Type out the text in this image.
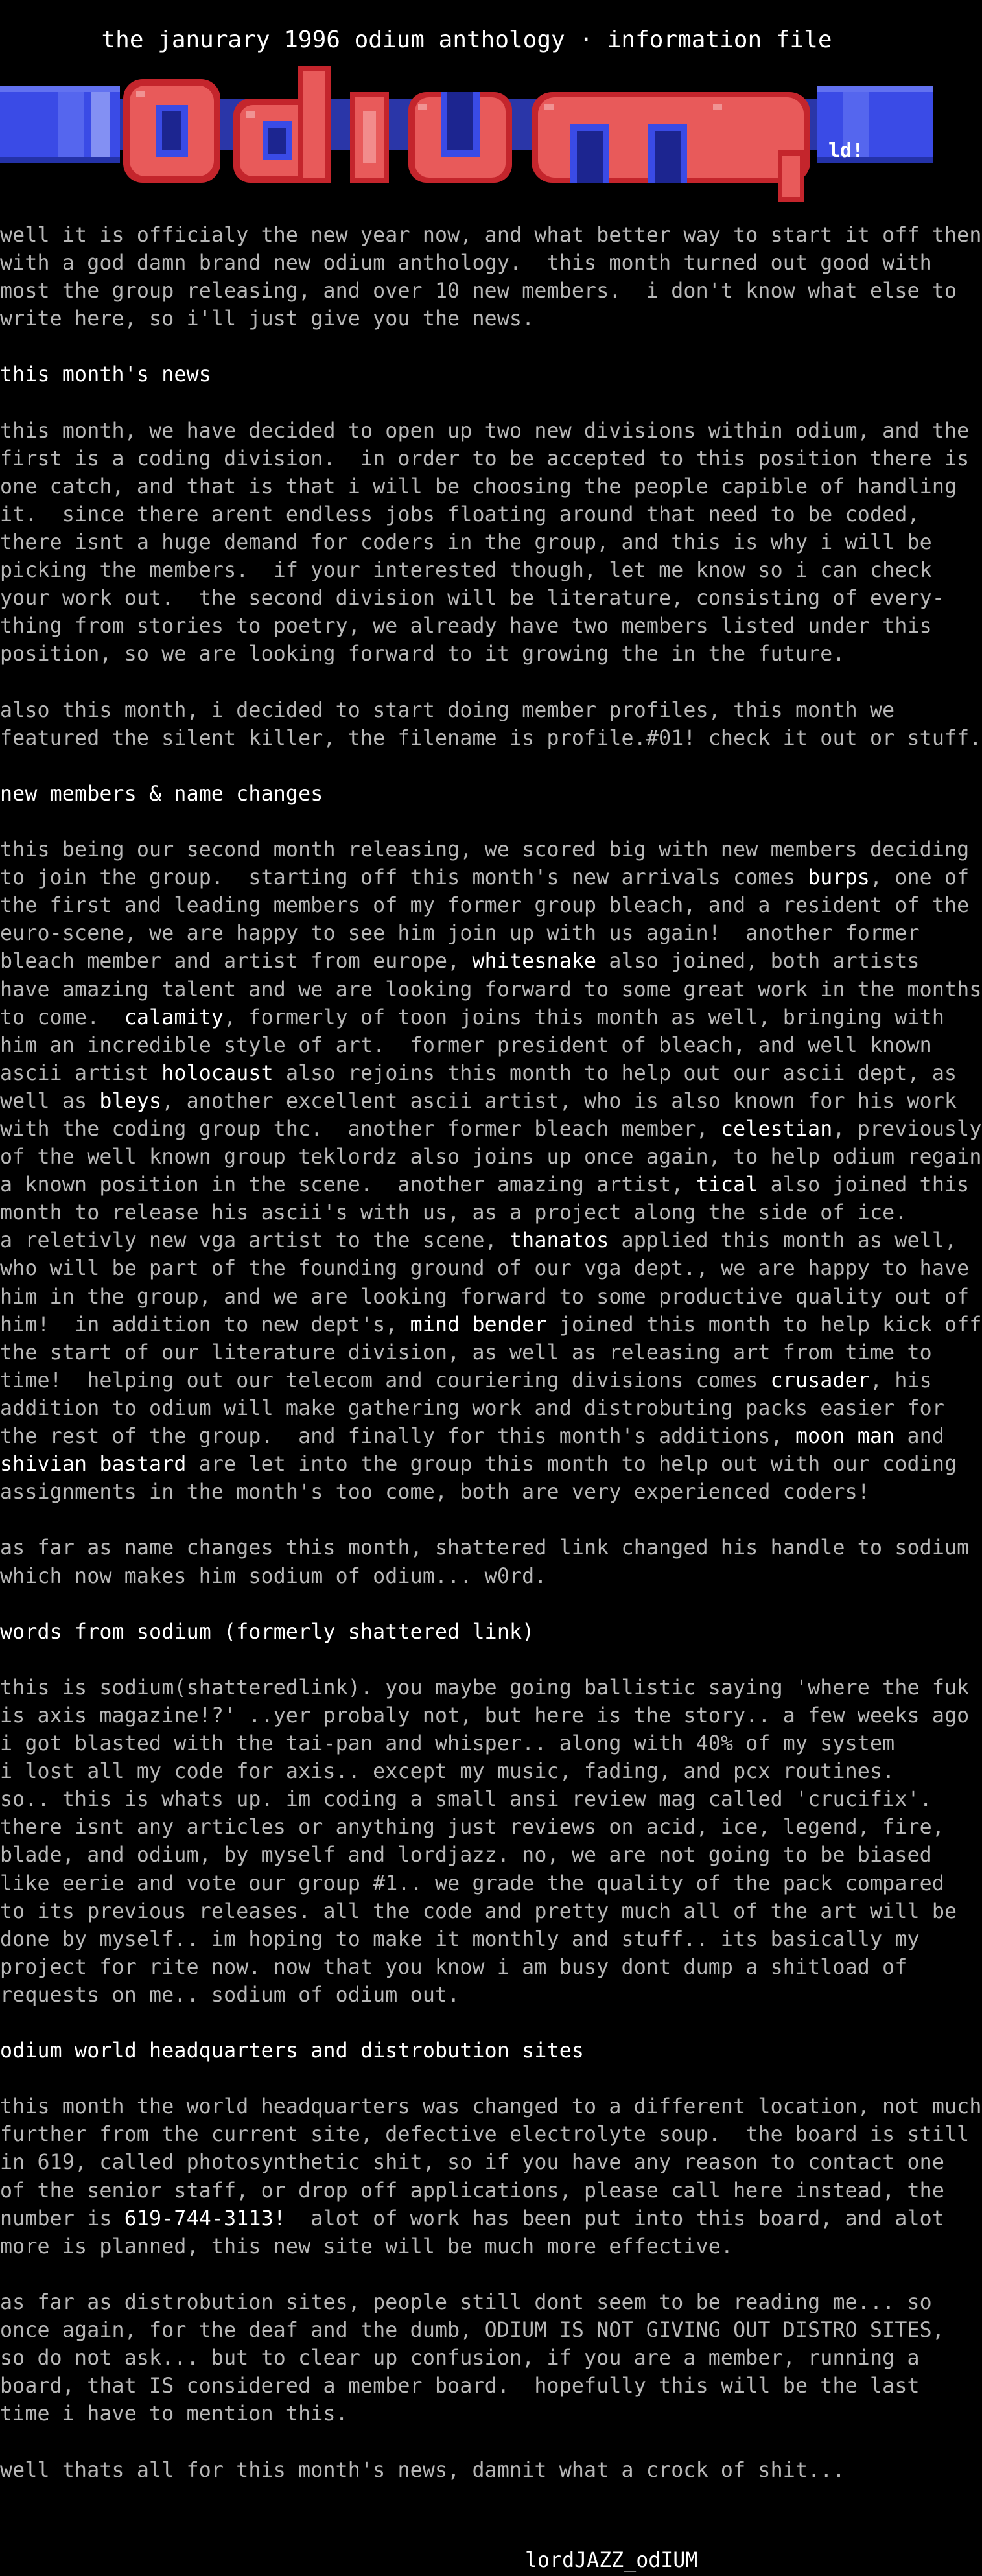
the janurary 1996 odium anthology · information file
ld!
well it is officialy the new year now, and what better way to start it off then
with a god damn brand new odium anthology.  this month turned out good with
most the group releasing, and over 10 new members.  i don't know what else to
write here, so i'll just give you the news.

this month's news

this month, we have decided to open up two new divisions within odium, and the
first is a coding division.  in order to be accepted to this position there is
one catch, and that is that i will be choosing the people capible of handling
it.  since there arent endless jobs floating around that need to be coded,
there isnt a huge demand for coders in the group, and this is why i will be
picking the members.  if your interested though, let me know so i can check
your work out.  the second division will be literature, consisting of every-
thing from stories to poetry, we already have two members listed under this
position, so we are looking forward to it growing the in the future.

also this month, i decided to start doing member profiles, this month we
featured the silent killer, the filename is profile.#01! check it out or stuff.

new members & name changes

this being our second month releasing, we scored big with new members deciding
to join the group.  starting off this month's new arrivals comes burps, one of
the first and leading members of my former group bleach, and a resident of the
euro-scene, we are happy to see him join up with us again!  another former
bleach member and artist from europe, whitesnake also joined, both artists
have amazing talent and we are looking forward to some great work in the months
to come.  calamity, formerly of toon joins this month as well, bringing with
him an incredible style of art.  former president of bleach, and well known
ascii artist holocaust also rejoins this month to help out our ascii dept, as
well as bleys, another excellent ascii artist, who is also known for his work
with the coding group thc.  another former bleach member, celestian, previously
of the well known group teklordz also joins up once again, to help odium regain
a known position in the scene.  another amazing artist, tical also joined this
month to release his ascii's with us, as a project along the side of ice.
a reletivly new vga artist to the scene, thanatos applied this month as well,
who will be part of the founding ground of our vga dept., we are happy to have
him in the group, and we are looking forward to some productive quality out of
him!  in addition to new dept's, mind bender joined this month to help kick off
the start of our literature division, as well as releasing art from time to
time!  helping out our telecom and couriering divisions comes crusader, his
addition to odium will make gathering work and distrobuting packs easier for
the rest of the group.  and finally for this month's additions, moon man and
shivian bastard are let into the group this month to help out with our coding
assignments in the month's too come, both are very experienced coders!

as far as name changes this month, shattered link changed his handle to sodium
which now makes him sodium of odium... w0rd.

words from sodium (formerly shattered link)

this is sodium(shatteredlink). you maybe going ballistic saying 'where the fuk
is axis magazine!?' ..yer probaly not, but here is the story.. a few weeks ago
i got blasted with the tai-pan and whisper.. along with 40% of my system
i lost all my code for axis.. except my music, fading, and pcx routines.
so.. this is whats up. im coding a small ansi review mag called 'crucifix'.
there isnt any articles or anything just reviews on acid, ice, legend, fire,
blade, and odium, by myself and lordjazz. no, we are not going to be biased
like eerie and vote our group #1.. we grade the quality of the pack compared
to its previous releases. all the code and pretty much all of the art will be
done by myself.. im hoping to make it monthly and stuff.. its basically my
project for rite now. now that you know i am busy dont dump a shitload of
requests on me.. sodium of odium out.

odium world headquarters and distrobution sites

this month the world headquarters was changed to a different location, not much
further from the current site, defective electrolyte soup.  the board is still
in 619, called photosynthetic shit, so if you have any reason to contact one
of the senior staff, or drop off applications, please call here instead, the
number is 619-744-3113!  alot of work has been put into this board, and alot
more is planned, this new site will be much more effective.

as far as distrobution sites, people still dont seem to be reading me... so
once again, for the deaf and the dumb, ODIUM IS NOT GIVING OUT DISTRO SITES,
so do not ask... but to clear up confusion, if you are a member, running a
board, that IS considered a member board.  hopefully this will be the last
time i have to mention this.

well thats all for this month's news, damnit what a crock of shit...
lordJAZZ_odIUM
